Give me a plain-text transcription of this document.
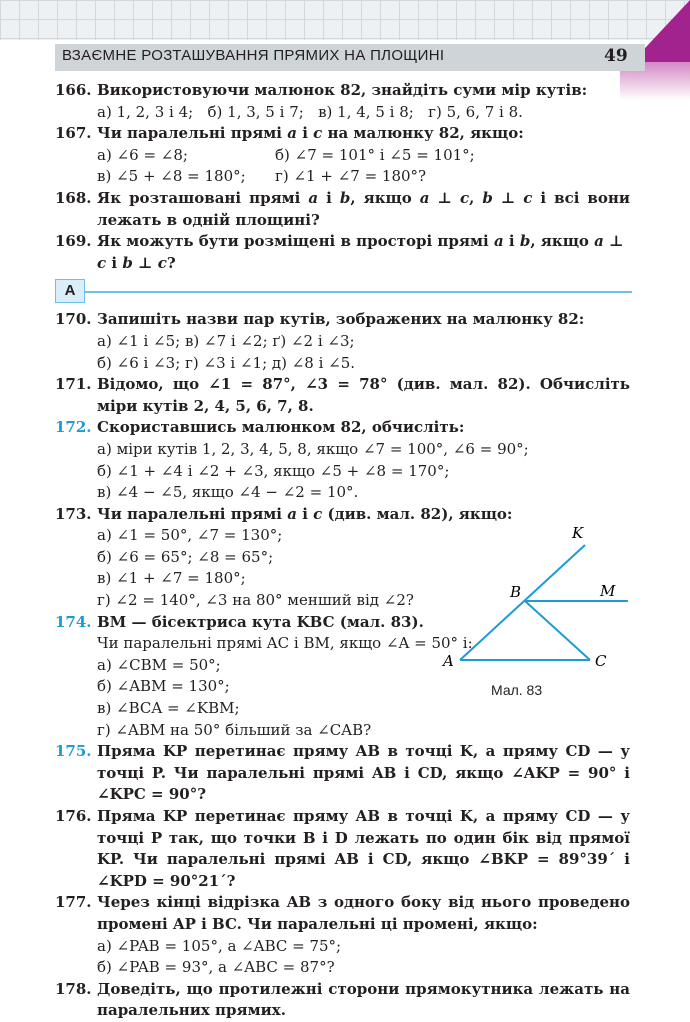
ВЗАЄМНЕ РОЗТАШУВАННЯ ПРЯМИХ НА ПЛОЩИНІ	49
166. Використовуючи малюнок 82, знайдіть суми мір кутів:
а) 1, 2, 3 і 4;   б) 1, 3, 5 і 7;   в) 1, 4, 5 і 8;   г) 5, 6, 7 і 8.
167. Чи паралельні прямі a і c на малюнку 82, якщо:
а) ∠6 = ∠8;	б) ∠7 = 101° і ∠5 = 101°;
в) ∠5 + ∠8 = 180°;	г) ∠1 + ∠7 = 180°?
168. Як розташовані прямі a і b, якщо a ⊥ c, b ⊥ c і всі вони лежать в одній площині?
169. Як можуть бути розміщені в просторі прямі a і b, якщо a ⊥ c і b ⊥ c?
А
170. Запишіть назви пар кутів, зображених на малюнку 82:
а) ∠1 і ∠5; в) ∠7 і ∠2; ґ) ∠2 і ∠3;
б) ∠6 і ∠3; г) ∠3 і ∠1; д) ∠8 і ∠5.
171. Відомо, що ∠1 = 87°, ∠3 = 78° (див. мал. 82). Обчисліть міри кутів 2, 4, 5, 6, 7, 8.
172. Скориставшись малюнком 82, обчисліть:
а) міри кутів 1, 2, 3, 4, 5, 8, якщо ∠7 = 100°, ∠6 = 90°;
б) ∠1 + ∠4 і ∠2 + ∠3, якщо ∠5 + ∠8 = 170°;
в) ∠4 − ∠5, якщо ∠4 − ∠2 = 10°.
173. Чи паралельні прямі a і c (див. мал. 82), якщо:
а) ∠1 = 50°, ∠7 = 130°;
б) ∠6 = 65°; ∠8 = 65°;
в) ∠1 + ∠7 = 180°;
г) ∠2 = 140°, ∠3 на 80° менший від ∠2?
174. BM — бісектриса кута KBC (мал. 83).
Чи паралельні прямі AC і BM, якщо ∠A = 50° і:
а) ∠CBM = 50°;
б) ∠ABM = 130°;
в) ∠BCA = ∠KBM;
г) ∠ABM на 50° більший за ∠CAB?
175. Пряма KP перетинає пряму AB в точці K, а пряму CD — у точці P. Чи паралельні прямі AB і CD, якщо ∠AKP = 90° і ∠KPC = 90°?
176. Пряма KP перетинає пряму AB в точці K, а пряму CD — у точці P так, що точки B і D лежать по один бік від прямої KP. Чи паралельні прямі AB і CD, якщо ∠BKP = 89°39´ і ∠KPD = 90°21´?
177. Через кінці відрізка AB з одного боку від нього проведено промені AP і BC. Чи паралельні ці промені, якщо:
а) ∠PAB = 105°, а ∠ABC = 75°;
б) ∠PAB = 93°, а ∠ABC = 87°?
178. Доведіть, що протилежні сторони прямокутника лежать на паралельних прямих.
K
B	M
A	C
Мал. 83
